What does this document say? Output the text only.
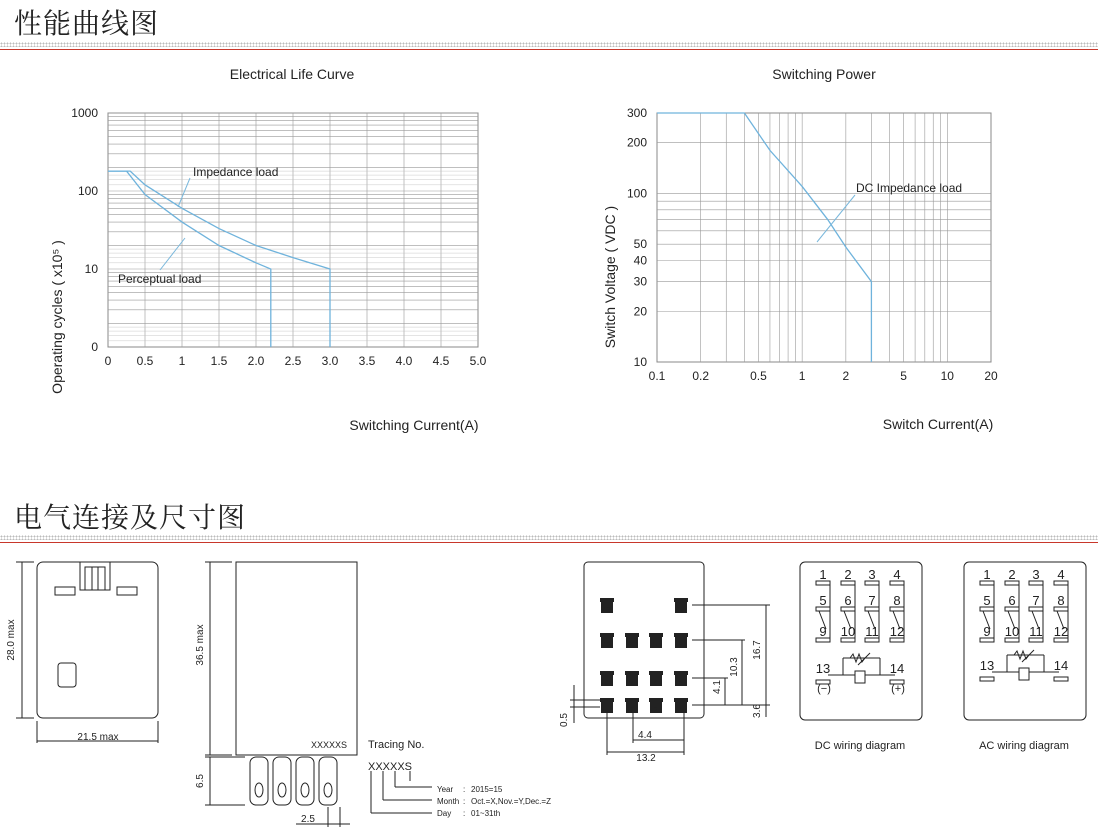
性能曲线图
Electrical Life Curve
0 0.5 1 1.5 2.0 2.5 3.0 3.5 4.0 4.5 5.0
0
10
100
1000
Operating cycles ( x10⁵ )
Switching Current(A)
Impedance load
Perceptual load
Switching Power
0.1 0.2	0.5	1	2	5	10	20
10
20
30
40
50
100
200
300
Switch Voltage ( VDC )
Switch Current(A)
DC Impedance load
电气连接及尺寸图
13	14
12 11 10	9
8	7	6	5
4	3	2	1
1 2 3 4
5 6 7 8
9 10 11 12
13	14
1 2 3 4
5 6 7 8
9 10 11 12
13	14
28.0 max
21.5 max
36.5 max
XXXXXS
6.5
2.5
Tracing No.
XXXXXS
Year : 2015=15
Month : Oct.=X,Nov.=Y,Dec.=Z
Day : 01~31th
16.7
10.3
4.1
3.6
0.5
4.4
13.2
DC wiring diagram	AC wiring diagram
(−)	(+)
